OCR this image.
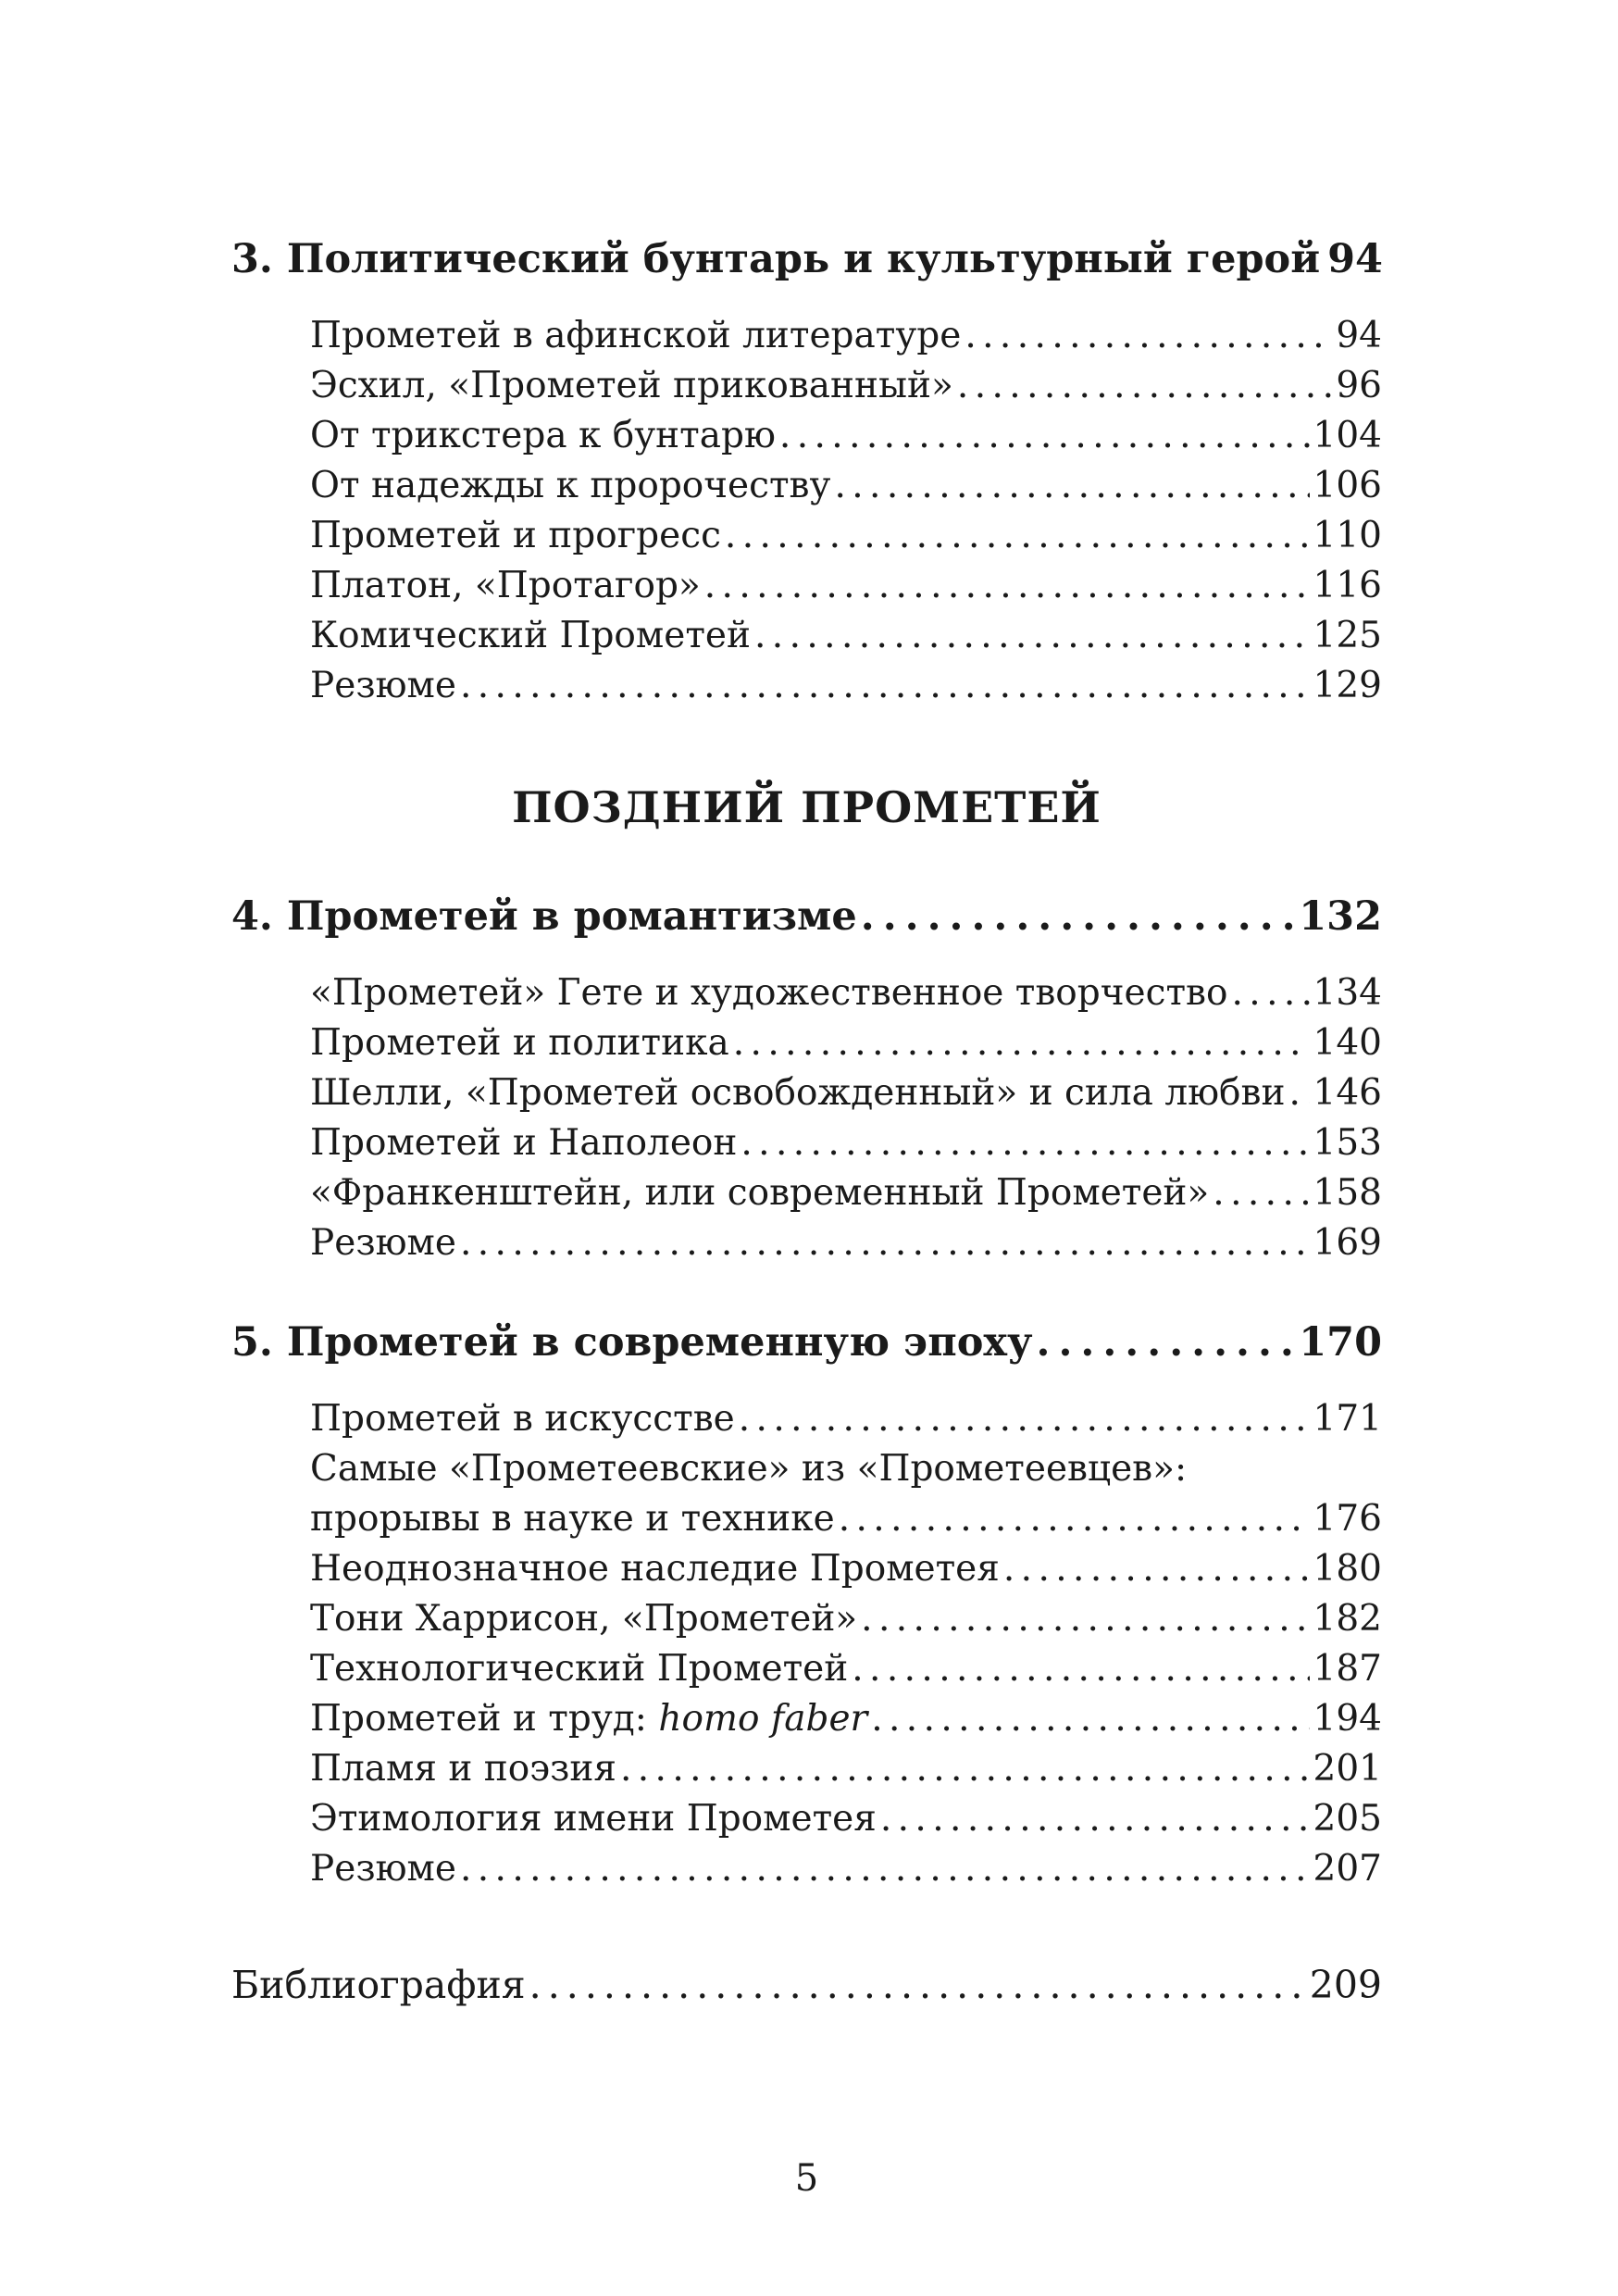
3. Политический бунтарь и культурный герой 94
Прометей в афинской литературе . . .	94
Эсхил, «Прометей прикованный» . . .	96
От трикстера к бунтарю . . .	104
От надежды к пророчеству . . .	106
Прометей и прогресс . . .	110
Платон, «Протагор» . . .	116
Комический Прометей . . .	125
Резюме . . .	129
ПОЗДНИЙ ПРОМЕТЕЙ
4. Прометей в романтизме . . .	132
«Прометей» Гете и художественное творчество . . . 134
Прометей и политика . . .	140
Шелли, «Прометей освобожденный» и сила любви . . . 146
Прометей и Наполеон . . .	153
«Франкенштейн, или современный Прометей» . . .	158
Резюме . . .	169
5. Прометей в современную эпоху . . .	170
Прометей в искусстве . . .	171
Самые «Прометеевские» из «Прометеевцев»:
прорывы в науке и технике . . .	176
Неоднозначное наследие Прометея . . .	180
Тони Харрисон, «Прометей» . . .	182
Технологический Прометей . . .	187
Прометей и труд: homo faber . . .	194
Пламя и поэзия . . .	201
Этимология имени Прометея . . .	205
Резюме . . .	207
Библиография . . .	209
5
